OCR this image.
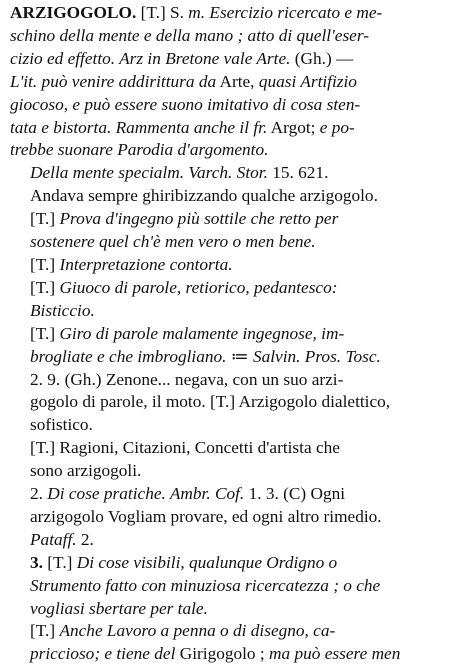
ARZIGOGOLO. [T.] S. m. Esercizio ricercato e me-
schino della mente e della mano ; atto di quell'eser-
cizio ed effetto. Arz in Bretone vale Arte. (Gh.) —
L'it. può venire addirittura da Arte, quasi Artifizio
giocoso, e può essere suono imitativo di cosa sten-
tata e bistorta. Rammenta anche il fr. Argot; e po-
trebbe suonare Parodia d'argomento.
Della mente specialm. Varch. Stor. 15. 621.
Andava sempre ghiribizzando qualche arzigogolo.
[T.] Prova d'ingegno più sottile che retto per
sostenere quel ch'è men vero o men bene.
[T.] Interpretazione contorta.
[T.] Giuoco di parole, retiorico, pedantesco:
Bisticcio.
[T.] Giro di parole malamente ingegnose, im-
brogliate e che imbrogliano. ≔ Salvin. Pros. Tosc.
2. 9. (Gh.) Zenone... negava, con un suo arzi-
gogolo di parole, il moto. [T.] Arzigogolo dialettico,
sofistico.
[T.] Ragioni, Citazioni, Concetti d'artista che
sono arzigogoli.
2. Di cose pratiche. Ambr. Cof. 1. 3. (C) Ogni
arzigogolo Vogliam provare, ed ogni altro rimedio.
Pataff. 2.
3. [T.] Di cose visibili, qualunque Ordigno o
Strumento fatto con minuziosa ricercatezza ; o che
vogliasi sbertare per tale.
[T.] Anche Lavoro a penna o di disegno, ca-
priccioso; e tiene del Girigogolo ; ma può essere men
